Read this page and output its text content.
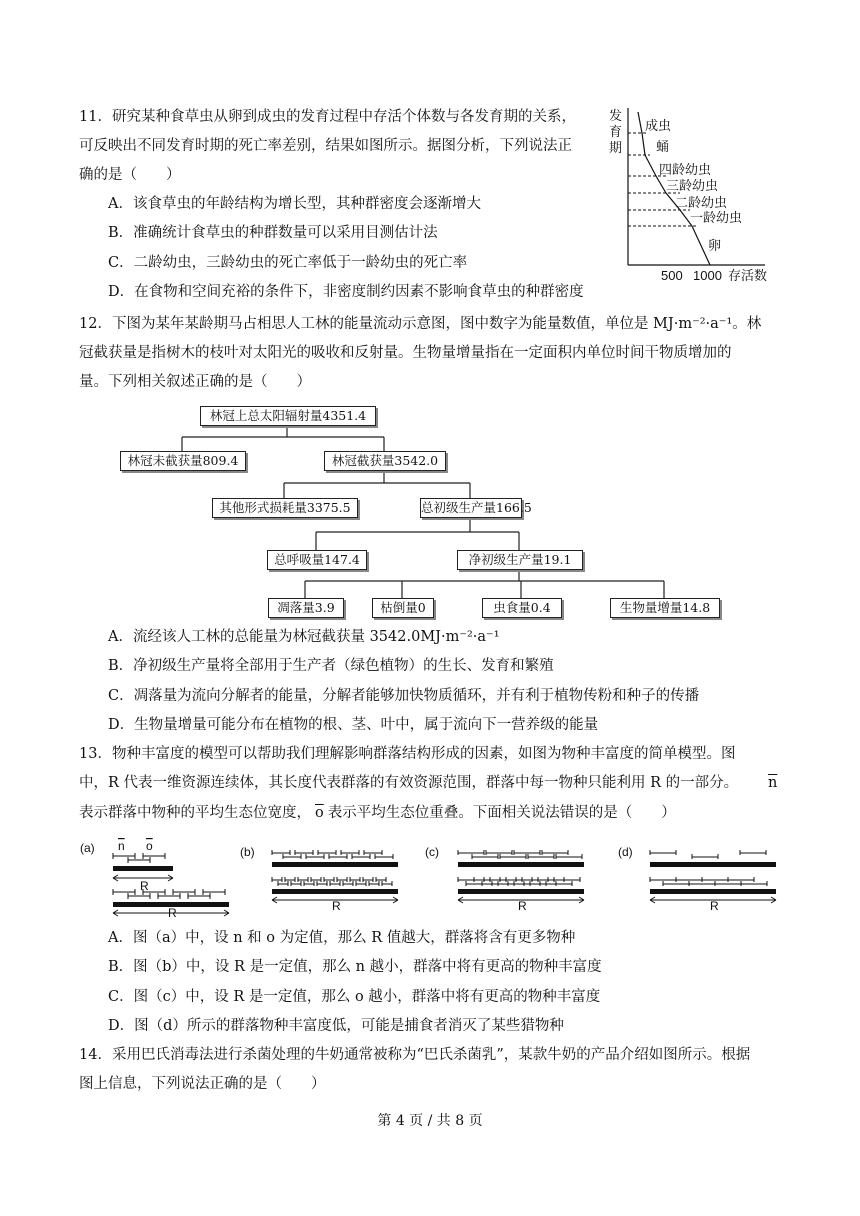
11．研究某种食草虫从卵到成虫的发育过程中存活个体数与各发育期的关系，
可反映出不同发育时期的死亡率差别，结果如图所示。据图分析，下列说法正
确的是（　　）
A．该食草虫的年龄结构为增长型，其种群密度会逐渐增大
B．准确统计食草虫的种群数量可以采用目测估计法
C．二龄幼虫，三龄幼虫的死亡率低于一龄幼虫的死亡率
D．在食物和空间充裕的条件下，非密度制约因素不影响食草虫的种群密度
成虫
蛹
四龄幼虫
三龄幼虫
二龄幼虫
一龄幼虫
卵
500 1000 存活数
发育期
12．下图为某年某龄期马占相思人工林的能量流动示意图，图中数字为能量数值，单位是 MJ·m⁻²·a⁻¹。林
冠截获量是指树木的枝叶对太阳光的吸收和反射量。生物量增量指在一定面积内单位时间干物质增加的
量。下列相关叙述正确的是（　　）
林冠上总太阳辐射量4351.4
林冠未截获量809.4	林冠截获量3542.0
其他形式损耗量3375.5	总初级生产量166.5
总呼吸量147.4	净初级生产量19.1
凋落量3.9	枯倒量0	虫食量0.4	生物量增量14.8
A．流经该人工林的总能量为林冠截获量 3542.0MJ·m⁻²·a⁻¹
B．净初级生产量将全部用于生产者（绿色植物）的生长、发育和繁殖
C．凋落量为流向分解者的能量，分解者能够加快物质循环，并有利于植物传粉和种子的传播
D．生物量增量可能分布在植物的根、茎、叶中，属于流向下一营养级的能量
13．物种丰富度的模型可以帮助我们理解影响群落结构形成的因素，如图为物种丰富度的简单模型。图
中，R 代表一维资源连续体，其长度代表群落的有效资源范围，群落中每一物种只能利用 R 的一部分。 $\overline{n}$
表示群落中物种的平均生态位宽度， $\overline{o}$ 表示平均生态位重叠。下面相关说法错误的是（　　）
(a)	(b)	(c)	(d)
n o
R
R	R	R	R
A．图（a）中，设 n 和 o 为定值，那么 R 值越大，群落将含有更多物种
B．图（b）中，设 R 是一定值，那么 n 越小，群落中将有更高的物种丰富度
C．图（c）中，设 R 是一定值，那么 o 越小，群落中将有更高的物种丰富度
D．图（d）所示的群落物种丰富度低，可能是捕食者消灭了某些猎物种
14．采用巴氏消毒法进行杀菌处理的牛奶通常被称为“巴氏杀菌乳”，某款牛奶的产品介绍如图所示。根据
图上信息，下列说法正确的是（　　）
第 4 页 / 共 8 页
